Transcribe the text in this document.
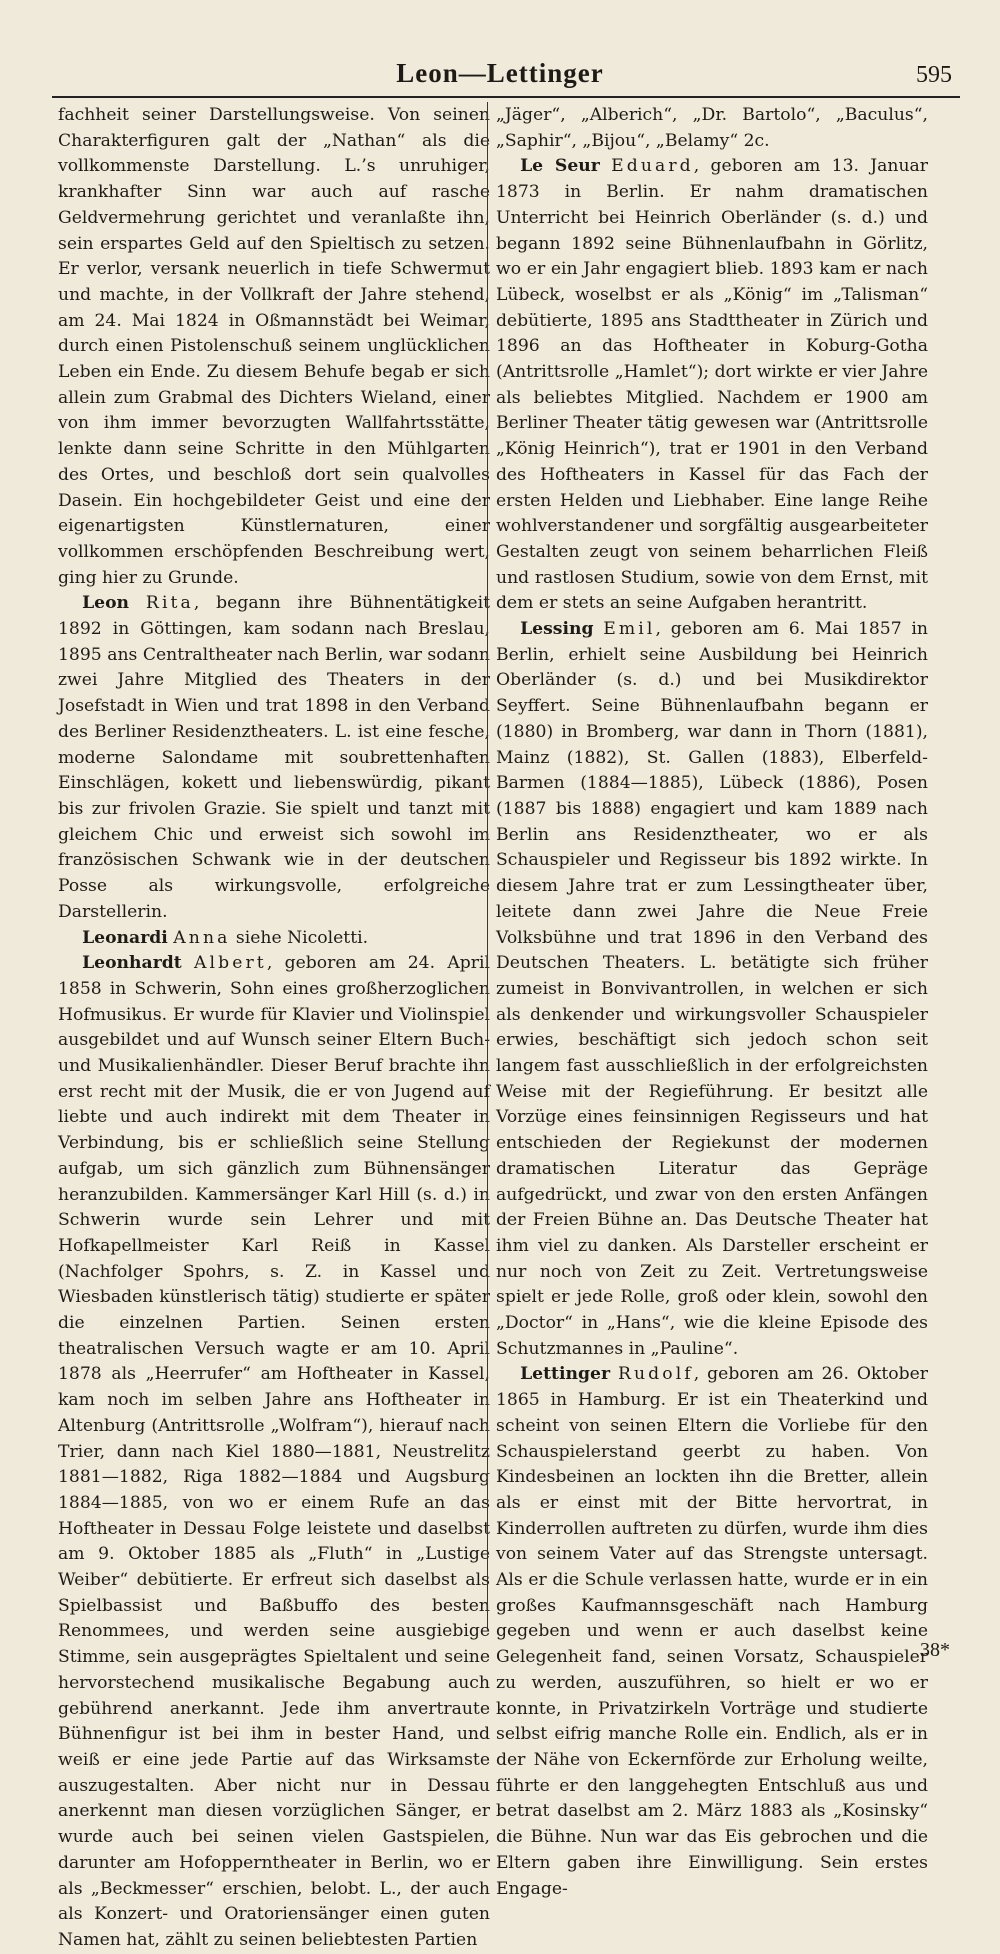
Leon—Lettinger	595

fachheit seiner Darstellungsweise. Von seinen Charakterfiguren galt der „Nathan“ als die vollkommenste Darstellung. L.’s unruhiger, krankhafter Sinn war auch auf rasche Geldvermehrung gerichtet und veranlaßte ihn, sein erspartes Geld auf den Spieltisch zu setzen. Er verlor, versank neuerlich in tiefe Schwermut und machte, in der Vollkraft der Jahre stehend, am 24. Mai 1824 in Oßmannstädt bei Weimar, durch einen Pistolenschuß seinem unglücklichen Leben ein Ende. Zu diesem Behufe begab er sich allein zum Grabmal des Dichters Wieland, einer von ihm immer bevorzugten Wallfahrtsstätte, lenkte dann seine Schritte in den Mühlgarten des Ortes, und beschloß dort sein qualvolles Dasein. Ein hochgebildeter Geist und eine der eigenartigsten Künstlernaturen, einer vollkommen erschöpfenden Beschreibung wert, ging hier zu Grunde.

Leon Rita, begann ihre Bühnentätigkeit 1892 in Göttingen, kam sodann nach Breslau, 1895 ans Centraltheater nach Berlin, war sodann zwei Jahre Mitglied des Theaters in der Josefstadt in Wien und trat 1898 in den Verband des Berliner Residenztheaters. L. ist eine fesche, moderne Salondame mit soubrettenhaften Einschlägen, kokett und liebenswürdig, pikant bis zur frivolen Grazie. Sie spielt und tanzt mit gleichem Chic und erweist sich sowohl im französischen Schwank wie in der deutschen Posse als wirkungsvolle, erfolgreiche Darstellerin.

Leonardi Anna siehe Nicoletti.

Leonhardt Albert, geboren am 24. April 1858 in Schwerin, Sohn eines großherzoglichen Hofmusikus. Er wurde für Klavier und Violinspiel ausgebildet und auf Wunsch seiner Eltern Buch- und Musikalienhändler. Dieser Beruf brachte ihn erst recht mit der Musik, die er von Jugend auf liebte und auch indirekt mit dem Theater in Verbindung, bis er schließlich seine Stellung aufgab, um sich gänzlich zum Bühnensänger heranzubilden. Kammersänger Karl Hill (s. d.) in Schwerin wurde sein Lehrer und mit Hofkapellmeister Karl Reiß in Kassel (Nachfolger Spohrs, s. Z. in Kassel und Wiesbaden künstlerisch tätig) studierte er später die einzelnen Partien. Seinen ersten theatralischen Versuch wagte er am 10. April 1878 als „Heerrufer“ am Hoftheater in Kassel, kam noch im selben Jahre ans Hoftheater in Altenburg (Antrittsrolle „Wolfram“), hierauf nach Trier, dann nach Kiel 1880—1881, Neustrelitz 1881—1882, Riga 1882—1884 und Augsburg 1884—1885, von wo er einem Rufe an das Hoftheater in Dessau Folge leistete und daselbst am 9. Oktober 1885 als „Fluth“ in „Lustige Weiber“ debütierte. Er erfreut sich daselbst als Spielbassist und Baßbuffo des besten Renommees, und werden seine ausgiebige Stimme, sein ausgeprägtes Spieltalent und seine hervorstechend musikalische Begabung auch gebührend anerkannt. Jede ihm anvertraute Bühnenfigur ist bei ihm in bester Hand, und weiß er eine jede Partie auf das Wirksamste auszugestalten. Aber nicht nur in Dessau anerkennt man diesen vorzüglichen Sänger, er wurde auch bei seinen vielen Gastspielen, darunter am Hofopperntheater in Berlin, wo er als „Beckmesser“ erschien, belobt. L., der auch als Konzert- und Oratoriensänger einen guten Namen hat, zählt zu seinen beliebtesten Partien

„Jäger“, „Alberich“, „Dr. Bartolo“, „Baculus“, „Saphir“, „Bijou“, „Belamy“ 2c.

Le Seur Eduard, geboren am 13. Januar 1873 in Berlin. Er nahm dramatischen Unterricht bei Heinrich Oberländer (s. d.) und begann 1892 seine Bühnenlaufbahn in Görlitz, wo er ein Jahr engagiert blieb. 1893 kam er nach Lübeck, woselbst er als „König“ im „Talisman“ debütierte, 1895 ans Stadttheater in Zürich und 1896 an das Hoftheater in Koburg-Gotha (Antrittsrolle „Hamlet“); dort wirkte er vier Jahre als beliebtes Mitglied. Nachdem er 1900 am Berliner Theater tätig gewesen war (Antrittsrolle „König Heinrich“), trat er 1901 in den Verband des Hoftheaters in Kassel für das Fach der ersten Helden und Liebhaber. Eine lange Reihe wohlverstandener und sorgfältig ausgearbeiteter Gestalten zeugt von seinem beharrlichen Fleiß und rastlosen Studium, sowie von dem Ernst, mit dem er stets an seine Aufgaben herantritt.

Lessing Emil, geboren am 6. Mai 1857 in Berlin, erhielt seine Ausbildung bei Heinrich Oberländer (s. d.) und bei Musikdirektor Seyffert. Seine Bühnenlaufbahn begann er (1880) in Bromberg, war dann in Thorn (1881), Mainz (1882), St. Gallen (1883), Elberfeld-Barmen (1884—1885), Lübeck (1886), Posen (1887 bis 1888) engagiert und kam 1889 nach Berlin ans Residenztheater, wo er als Schauspieler und Regisseur bis 1892 wirkte. In diesem Jahre trat er zum Lessingtheater über, leitete dann zwei Jahre die Neue Freie Volksbühne und trat 1896 in den Verband des Deutschen Theaters. L. betätigte sich früher zumeist in Bonvivantrollen, in welchen er sich als denkender und wirkungsvoller Schauspieler erwies, beschäftigt sich jedoch schon seit langem fast ausschließlich in der erfolgreichsten Weise mit der Regieführung. Er besitzt alle Vorzüge eines feinsinnigen Regisseurs und hat entschieden der Regiekunst der modernen dramatischen Literatur das Gepräge aufgedrückt, und zwar von den ersten Anfängen der Freien Bühne an. Das Deutsche Theater hat ihm viel zu danken. Als Darsteller erscheint er nur noch von Zeit zu Zeit. Vertretungsweise spielt er jede Rolle, groß oder klein, sowohl den „Doctor“ in „Hans“, wie die kleine Episode des Schutzmannes in „Pauline“.

Lettinger Rudolf, geboren am 26. Oktober 1865 in Hamburg. Er ist ein Theaterkind und scheint von seinen Eltern die Vorliebe für den Schauspielerstand geerbt zu haben. Von Kindesbeinen an lockten ihn die Bretter, allein als er einst mit der Bitte hervortrat, in Kinderrollen auftreten zu dürfen, wurde ihm dies von seinem Vater auf das Strengste untersagt. Als er die Schule verlassen hatte, wurde er in ein großes Kaufmannsgeschäft nach Hamburg gegeben und wenn er auch daselbst keine Gelegenheit fand, seinen Vorsatz, Schauspieler zu werden, auszuführen, so hielt er wo er konnte, in Privatzirkeln Vorträge und studierte selbst eifrig manche Rolle ein. Endlich, als er in der Nähe von Eckernförde zur Erholung weilte, führte er den langgehegten Entschluß aus und betrat daselbst am 2. März 1883 als „Kosinsky“ die Bühne. Nun war das Eis gebrochen und die Eltern gaben ihre Einwilligung. Sein erstes Engage-

38*
